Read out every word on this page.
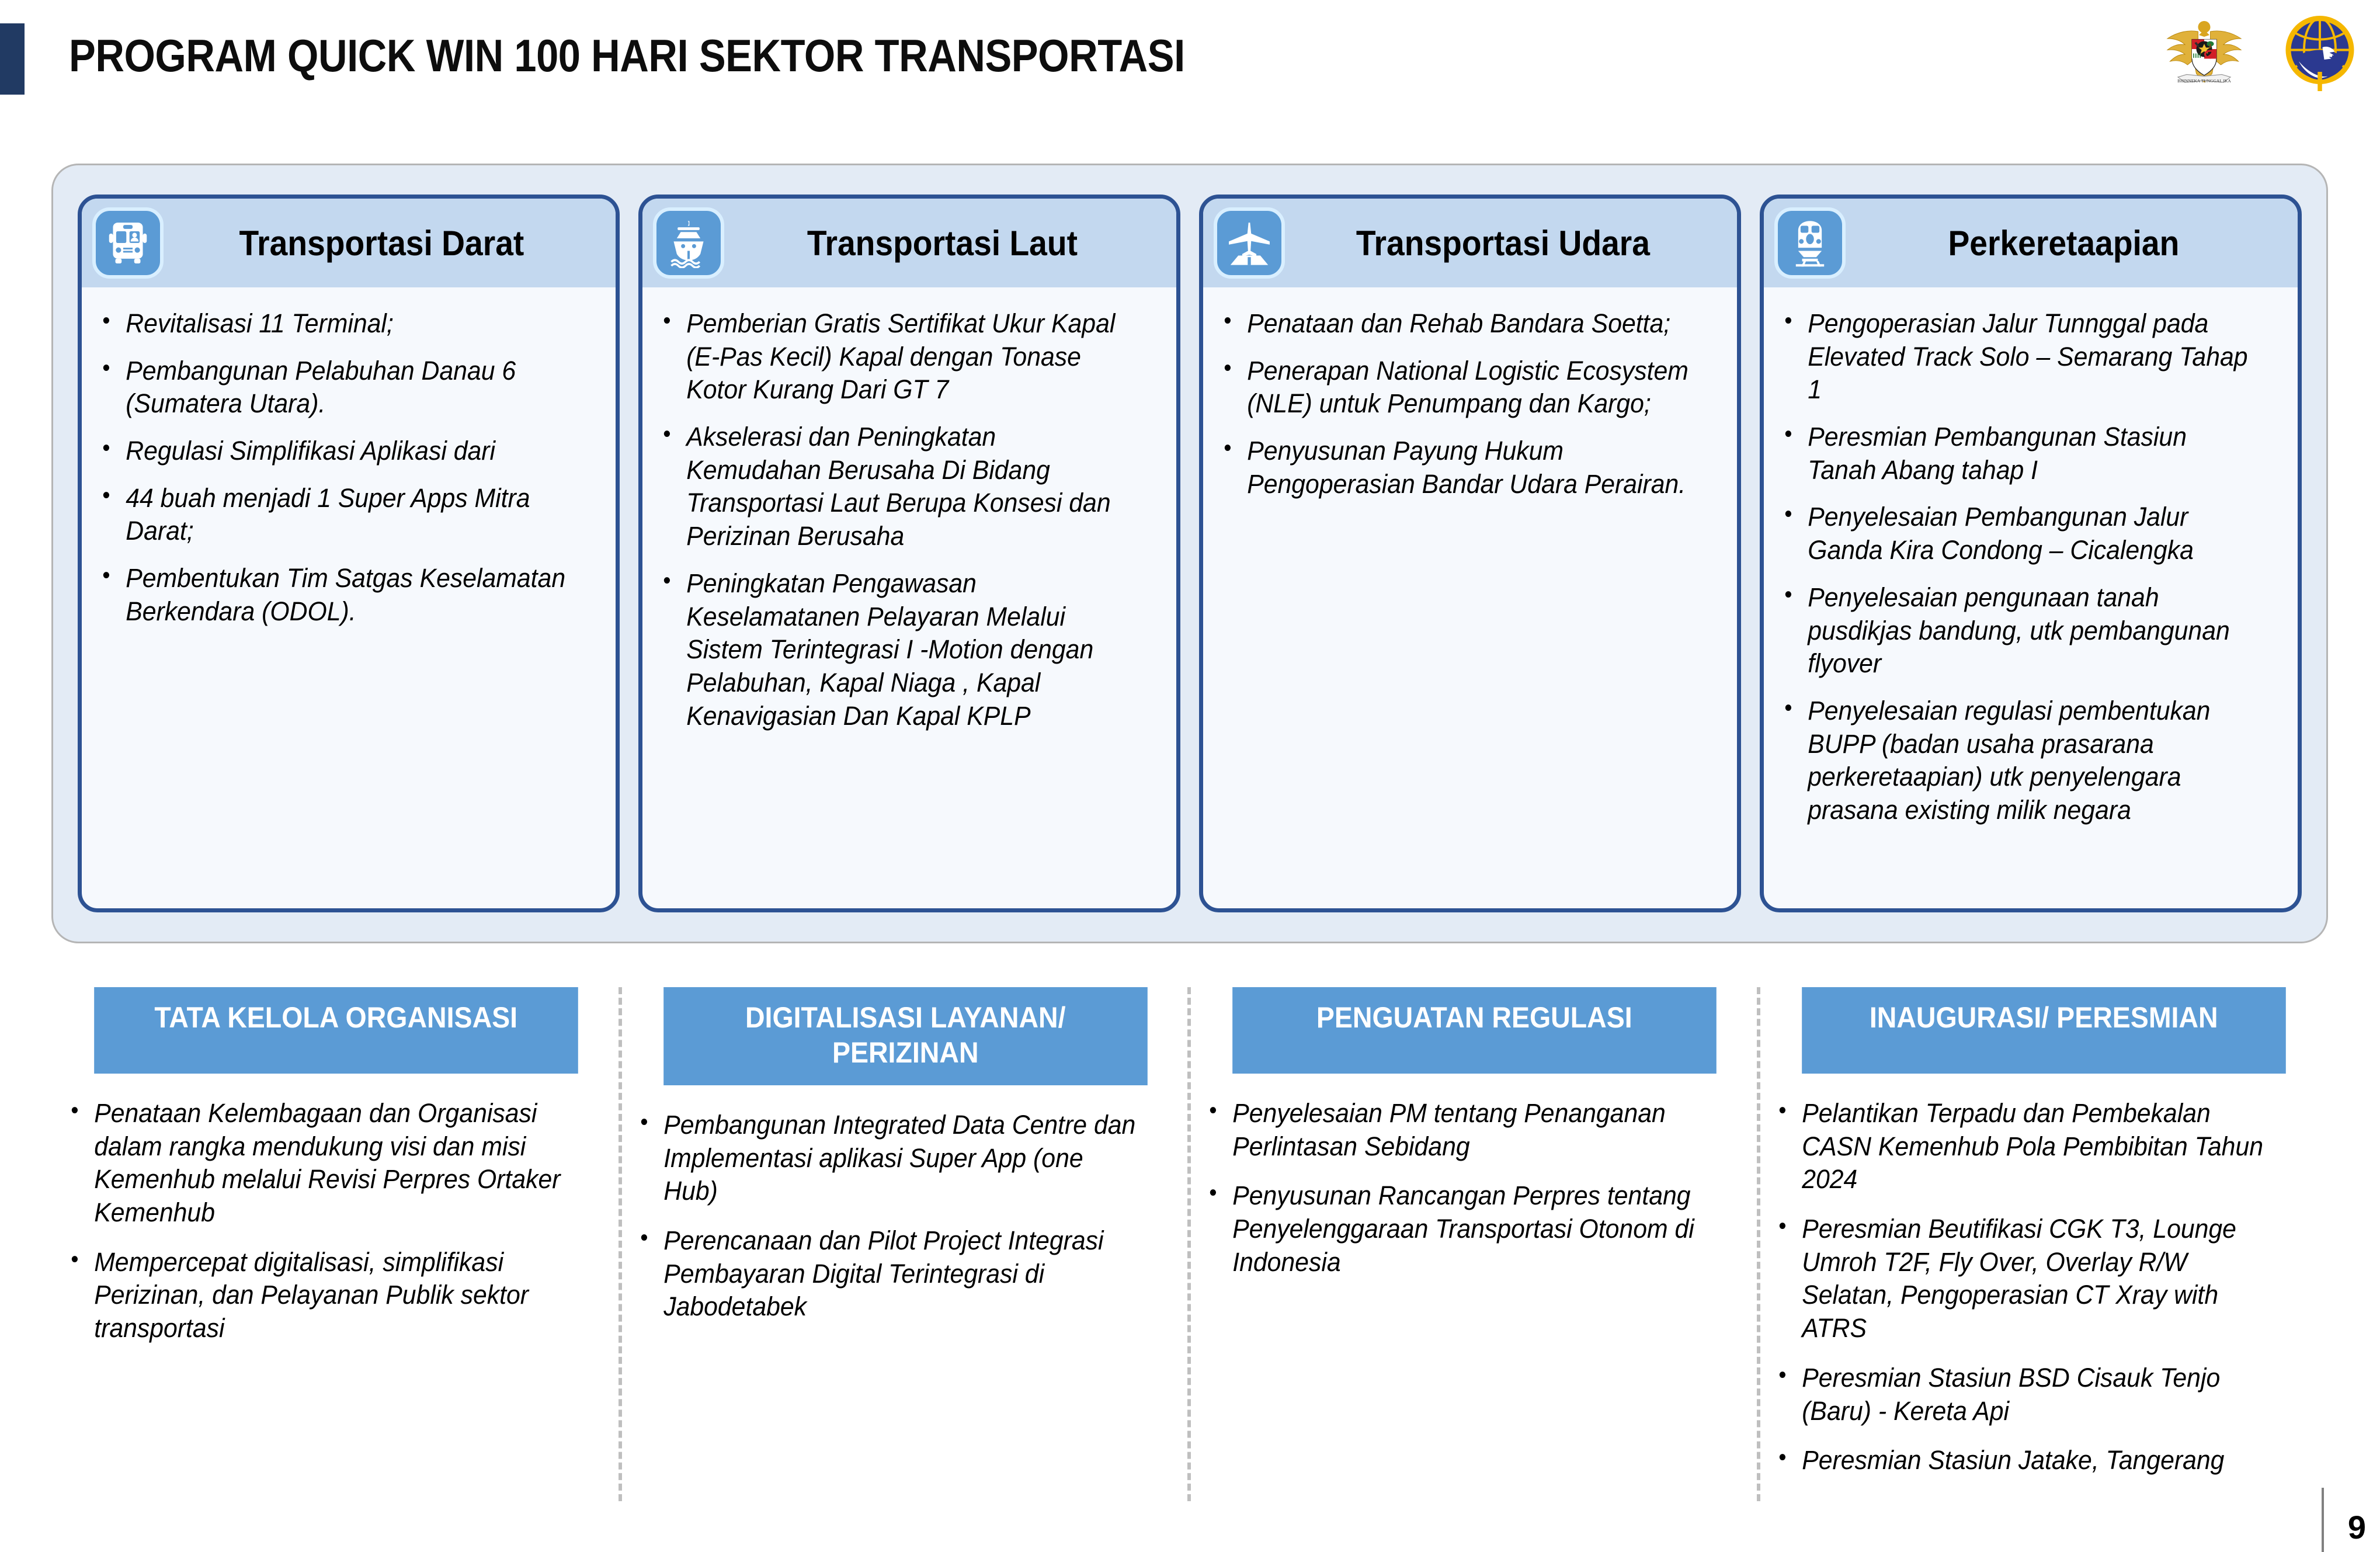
PROGRAM QUICK WIN 100 HARI SEKTOR TRANSPORTASI	BHINNEKA TUNGGAL IKA
Transportasi Darat
• Revitalisasi 11 Terminal;
• Pembangunan Pelabuhan Danau 6 (Sumatera Utara).
• Regulasi Simplifikasi Aplikasi dari
• 44 buah menjadi 1 Super Apps Mitra Darat;
• Pembentukan Tim Satgas Keselamatan Berkendara (ODOL).
Transportasi Laut
• Pemberian Gratis Sertifikat Ukur Kapal (E-Pas Kecil) Kapal dengan Tonase Kotor Kurang Dari GT 7
• Akselerasi dan Peningkatan Kemudahan Berusaha Di Bidang Transportasi Laut Berupa Konsesi dan Perizinan Berusaha
• Peningkatan Pengawasan Keselamatanen Pelayaran Melalui Sistem Terintegrasi I -Motion dengan Pelabuhan, Kapal Niaga , Kapal Kenavigasian Dan Kapal KPLP
Transportasi Udara
• Penataan dan Rehab Bandara Soetta;
• Penerapan National Logistic Ecosystem (NLE) untuk Penumpang dan Kargo;
• Penyusunan Payung Hukum Pengoperasian Bandar Udara Perairan.
Perkeretaapian
• Pengoperasian Jalur Tunnggal pada Elevated Track Solo – Semarang Tahap 1
• Peresmian Pembangunan Stasiun Tanah Abang tahap I
• Penyelesaian Pembangunan Jalur Ganda Kira Condong – Cicalengka
• Penyelesaian pengunaan tanah pusdikjas bandung, utk pembangunan flyover
• Penyelesaian regulasi pembentukan BUPP (badan usaha prasarana perkeretaapian) utk penyelengara prasana existing milik negara
TATA KELOLA ORGANISASI
• Penataan Kelembagaan dan Organisasi dalam rangka mendukung visi dan misi Kemenhub melalui Revisi Perpres Ortaker Kemenhub
• Mempercepat digitalisasi, simplifikasi Perizinan, dan Pelayanan Publik sektor transportasi
DIGITALISASI LAYANAN/ PERIZINAN
• Pembangunan Integrated Data Centre dan Implementasi aplikasi Super App (one Hub)
• Perencanaan dan Pilot Project Integrasi Pembayaran Digital Terintegrasi di Jabodetabek
PENGUATAN REGULASI
• Penyelesaian PM tentang Penanganan Perlintasan Sebidang
• Penyusunan Rancangan Perpres tentang Penyelenggaraan Transportasi Otonom di Indonesia
INAUGURASI/ PERESMIAN
• Pelantikan Terpadu dan Pembekalan CASN Kemenhub Pola Pembibitan Tahun 2024
• Peresmian Beutifikasi CGK T3, Lounge Umroh T2F, Fly Over, Overlay R/W Selatan, Pengoperasian CT Xray with ATRS
• Peresmian Stasiun BSD Cisauk Tenjo (Baru) - Kereta Api
• Peresmian Stasiun Jatake, Tangerang
9
